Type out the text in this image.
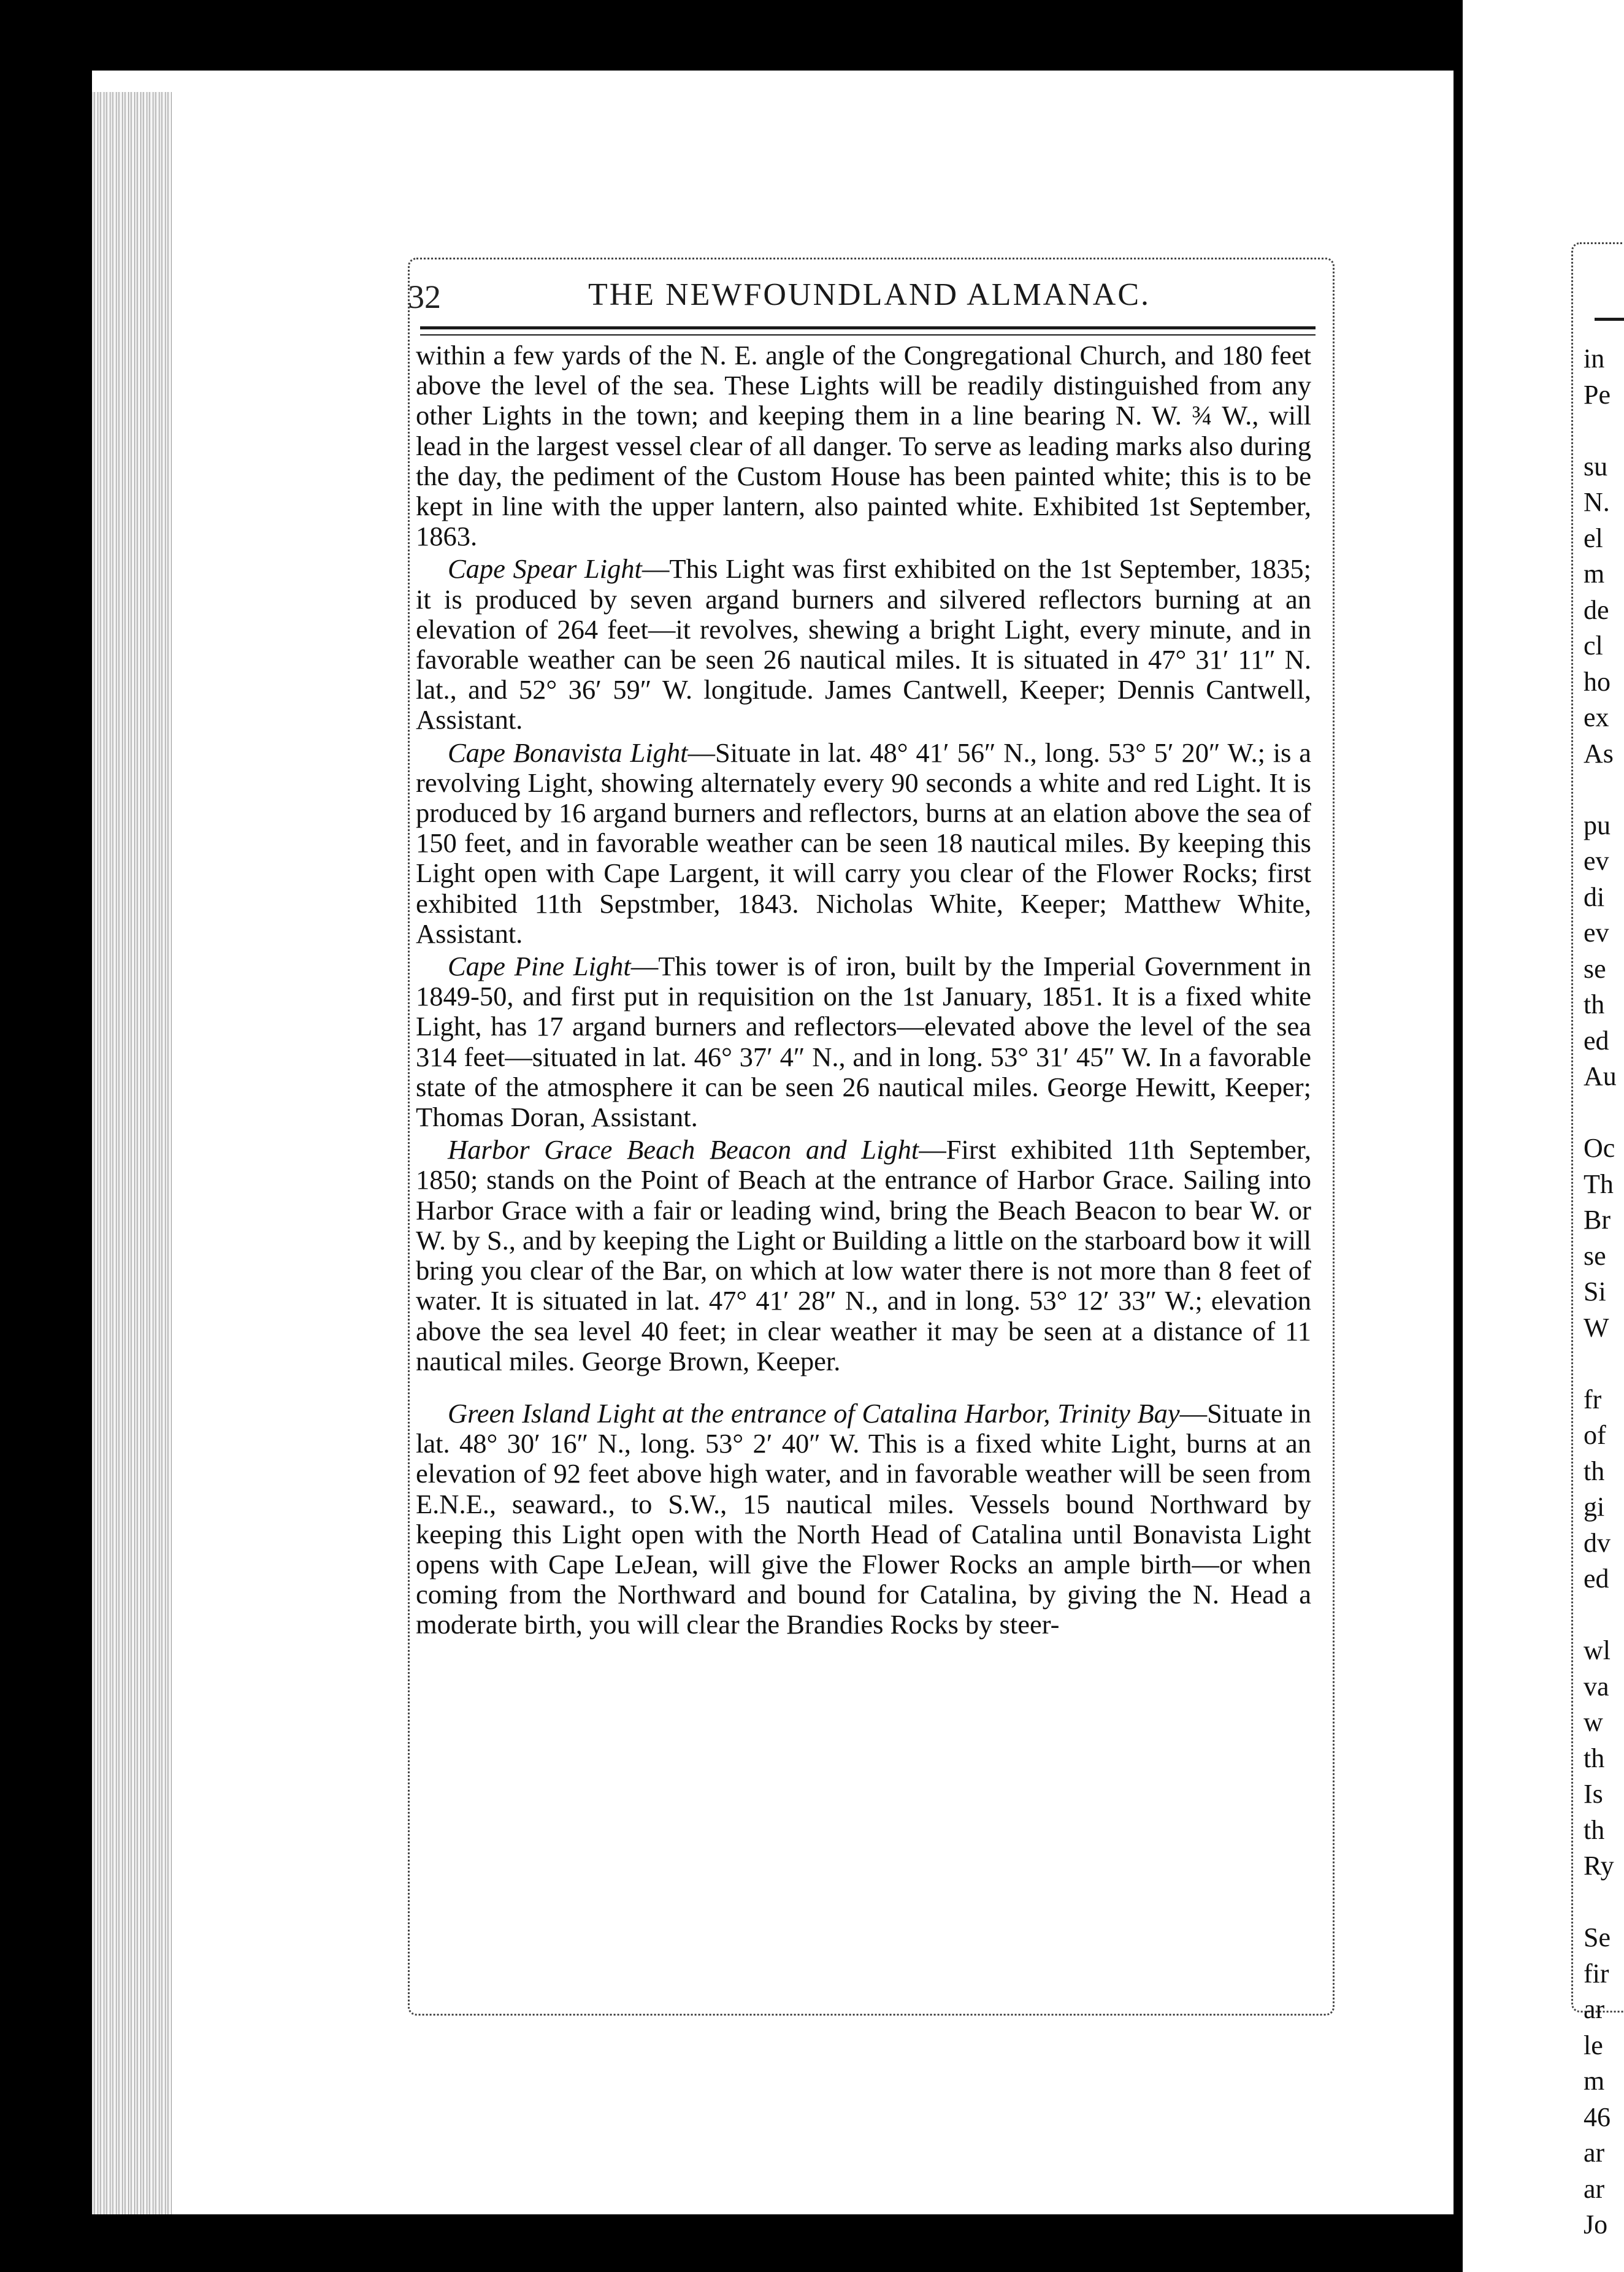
32	THE NEWFOUNDLAND ALMANAC.

within a few yards of the N. E. angle of the Congregational Church, and 180 feet above the level of the sea. These Lights will be readily distinguished from any other Lights in the town; and keeping them in a line bearing N. W. ¾ W., will lead in the largest vessel clear of all danger. To serve as leading marks also during the day, the pediment of the Custom House has been painted white; this is to be kept in line with the upper lantern, also painted white. Exhibited 1st September, 1863.

Cape Spear Light—This Light was first exhibited on the 1st September, 1835; it is produced by seven argand burners and silvered reflectors burning at an elevation of 264 feet—it revolves, shewing a bright Light, every minute, and in favorable weather can be seen 26 nautical miles. It is situated in 47° 31′ 11″ N. lat., and 52° 36′ 59″ W. longitude. James Cantwell, Keeper; Dennis Cantwell, Assistant.

Cape Bonavista Light—Situate in lat. 48° 41′ 56″ N., long. 53° 5′ 20″ W.; is a revolving Light, showing alternately every 90 seconds a white and red Light. It is produced by 16 argand burners and reflectors, burns at an elation above the sea of 150 feet, and in favorable weather can be seen 18 nautical miles. By keeping this Light open with Cape Largent, it will carry you clear of the Flower Rocks; first exhibited 11th Sepstmber, 1843. Nicholas White, Keeper; Matthew White, Assistant.

Cape Pine Light—This tower is of iron, built by the Imperial Government in 1849-50, and first put in requisition on the 1st January, 1851. It is a fixed white Light, has 17 argand burners and reflectors—elevated above the level of the sea 314 feet—situated in lat. 46° 37′ 4″ N., and in long. 53° 31′ 45″ W. In a favorable state of the atmosphere it can be seen 26 nautical miles. George Hewitt, Keeper; Thomas Doran, Assistant.

Harbor Grace Beach Beacon and Light—First exhibited 11th September, 1850; stands on the Point of Beach at the entrance of Harbor Grace. Sailing into Harbor Grace with a fair or leading wind, bring the Beach Beacon to bear W. or W. by S., and by keeping the Light or Building a little on the starboard bow it will bring you clear of the Bar, on which at low water there is not more than 8 feet of water. It is situated in lat. 47° 41′ 28″ N., and in long. 53° 12′ 33″ W.; elevation above the sea level 40 feet; in clear weather it may be seen at a distance of 11 nautical miles. George Brown, Keeper.

Green Island Light at the entrance of Catalina Harbor, Trinity Bay—Situate in lat. 48° 30′ 16″ N., long. 53° 2′ 40″ W. This is a fixed white Light, burns at an elevation of 92 feet above high water, and in favorable weather will be seen from E.N.E., seaward., to S.W., 15 nautical miles. Vessels bound Northward by keeping this Light open with the North Head of Catalina until Bonavista Light opens with Cape LeJean, will give the Flower Rocks an ample birth—or when coming from the Northward and bound for Catalina, by giving the N. Head a moderate birth, you will clear the Brandies Rocks by steer-

in
Pe
su
N.
el
m
de
cl
ho
ex
As
pu
ev
di
ev
se
th
ed
Au
Oc
Th
Br
se
Si
W
fr
of
th
gi
dv
ed
wl
va
w
th
Is
th
Ry
Se
fir
ar
le
m
46
ar
ar
Jo
